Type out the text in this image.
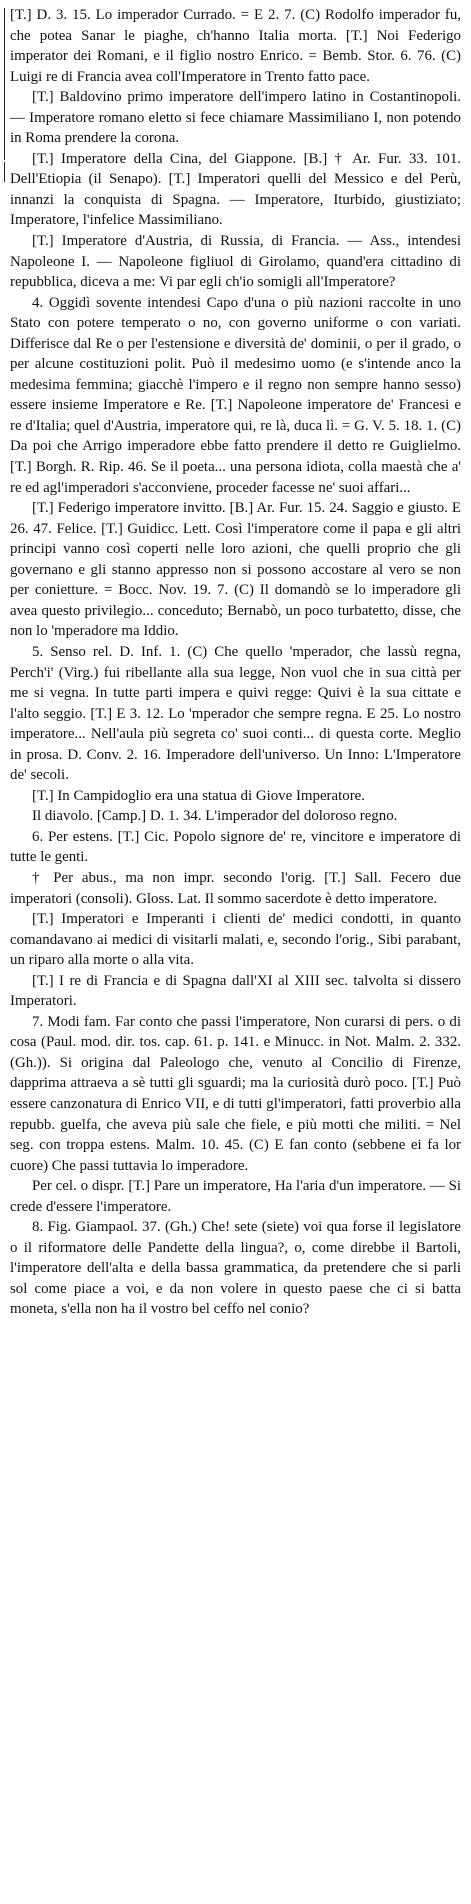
[T.] D. 3. 15. Lo imperador Currado. = E 2. 7. (C) Rodolfo imperador fu, che potea Sanar le piaghe, ch'hanno Italia morta. [T.] Noi Federigo imperator dei Romani, e il figlio nostro Enrico. = Bemb. Stor. 6. 76. (C) Luigi re di Francia avea coll'Imperatore in Trento fatto pace.

[T.] Baldovino primo imperatore dell'impero latino in Costantinopoli. — Imperatore romano eletto si fece chiamare Massimiliano I, non potendo in Roma prendere la corona.

[T.] Imperatore della Cina, del Giappone. [B.] † Ar. Fur. 33. 101. Dell'Etiopia (il Senapo). [T.] Imperatori quelli del Messico e del Perù, innanzi la conquista di Spagna. — Imperatore, Iturbido, giustiziato; Imperatore, l'infelice Massimiliano.

[T.] Imperatore d'Austria, di Russia, di Francia. — Ass., intendesi Napoleone I. — Napoleone figliuol di Girolamo, quand'era cittadino di repubblica, diceva a me: Vi par egli ch'io somigli all'Imperatore?

4. Oggidì sovente intendesi Capo d'una o più nazioni raccolte in uno Stato con potere temperato o no, con governo uniforme o con variati. Differisce dal Re o per l'estensione e diversità de' dominii, o per il grado, o per alcune costituzioni polit. Può il medesimo uomo (e s'intende anco la medesima femmina; giacchè l'impero e il regno non sempre hanno sesso) essere insieme Imperatore e Re. [T.] Napoleone imperatore de' Francesi e re d'Italia; quel d'Austria, imperatore qui, re là, duca lì. = G. V. 5. 18. 1. (C) Da poi che Arrigo imperadore ebbe fatto prendere il detto re Guiglielmo. [T.] Borgh. R. Rip. 46. Se il poeta... una persona idiota, colla maestà che a' re ed agl'imperadori s'acconviene, proceder facesse ne' suoi affari...

[T.] Federigo imperatore invitto. [B.] Ar. Fur. 15. 24. Saggio e giusto. E 26. 47. Felice. [T.] Guidicc. Lett. Così l'imperatore come il papa e gli altri principi vanno così coperti nelle loro azioni, che quelli proprio che gli governano e gli stanno appresso non si possono accostare al vero se non per conietture. = Bocc. Nov. 19. 7. (C) Il domandò se lo imperadore gli avea questo privilegio... conceduto; Bernabò, un poco turbatetto, disse, che non lo 'mperadore ma Iddio.

5. Senso rel. D. Inf. 1. (C) Che quello 'mperador, che lassù regna, Perch'i' (Virg.) fui ribellante alla sua legge, Non vuol che in sua città per me si vegna. In tutte parti impera e quivi regge: Quivi è la sua cittate e l'alto seggio. [T.] E 3. 12. Lo 'mperador che sempre regna. E 25. Lo nostro imperatore... Nell'aula più segreta co' suoi conti... di questa corte. Meglio in prosa. D. Conv. 2. 16. Imperadore dell'universo. Un Inno: L'Imperatore de' secoli.

[T.] In Campidoglio era una statua di Giove Imperatore.

Il diavolo. [Camp.] D. 1. 34. L'imperador del doloroso regno.

6. Per estens. [T.] Cic. Popolo signore de' re, vincitore e imperatore di tutte le genti.

† Per abus., ma non impr. secondo l'orig. [T.] Sall. Fecero due imperatori (consoli). Gloss. Lat. Il sommo sacerdote è detto imperatore.

[T.] Imperatori e Imperanti i clienti de' medici condotti, in quanto comandavano ai medici di visitarli malati, e, secondo l'orig., Sibi parabant, un riparo alla morte o alla vita.

[T.] I re di Francia e di Spagna dall'XI al XIII sec. talvolta si dissero Imperatori.

7. Modi fam. Far conto che passi l'imperatore, Non curarsi di pers. o di cosa (Paul. mod. dir. tos. cap. 61. p. 141. e Minucc. in Not. Malm. 2. 332. (Gh.)). Si origina dal Paleologo che, venuto al Concilio di Firenze, dapprima attraeva a sè tutti gli sguardi; ma la curiosità durò poco. [T.] Può essere canzonatura di Enrico VII, e di tutti gl'imperatori, fatti proverbio alla repubb. guelfa, che aveva più sale che fiele, e più motti che militi. = Nel seg. con troppa estens. Malm. 10. 45. (C) E fan conto (sebbene ei fa lor cuore) Che passi tuttavia lo imperadore.

Per cel. o dispr. [T.] Pare un imperatore, Ha l'aria d'un imperatore. — Si crede d'essere l'imperatore.

8. Fig. Giampaol. 37. (Gh.) Che! sete (siete) voi qua forse il legislatore o il riformatore delle Pandette della lingua?, o, come direbbe il Bartoli, l'imperatore dell'alta e della bassa grammatica, da pretendere che si parli sol come piace a voi, e da non volere in questo paese che ci si batta moneta, s'ella non ha il vostro bel ceffo nel conio?
